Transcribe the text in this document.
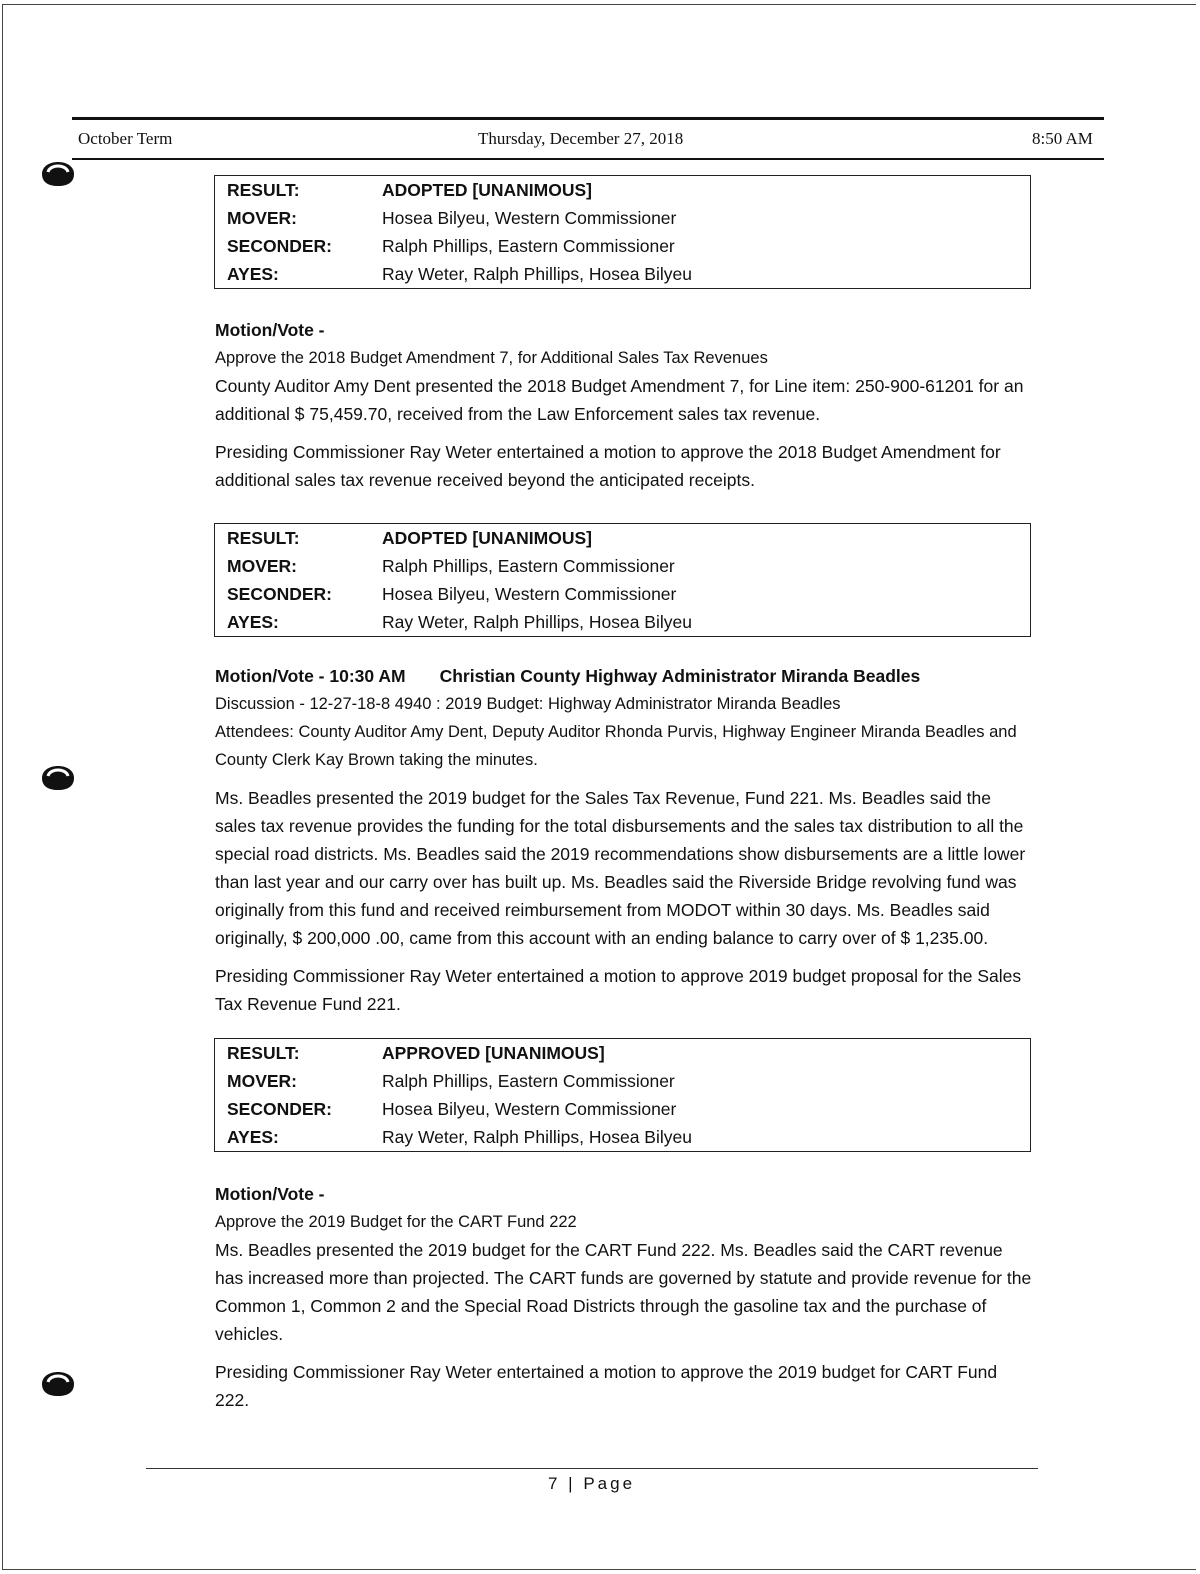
October Term	Thursday, December 27, 2018	8:50 AM
RESULT:	ADOPTED [UNANIMOUS]
MOVER:	Hosea Bilyeu, Western Commissioner
SECONDER:	Ralph Phillips, Eastern Commissioner
AYES:	Ray Weter, Ralph Phillips, Hosea Bilyeu

Motion/Vote -

Approve the 2018 Budget Amendment 7, for Additional Sales Tax Revenues

County Auditor Amy Dent presented the 2018 Budget Amendment 7, for Line item: 250-900-61201 for an additional $ 75,459.70, received from the Law Enforcement sales tax revenue.

Presiding Commissioner Ray Weter entertained a motion to approve the 2018 Budget Amendment for additional sales tax revenue received beyond the anticipated receipts.

RESULT:	ADOPTED [UNANIMOUS]
MOVER:	Ralph Phillips, Eastern Commissioner
SECONDER:	Hosea Bilyeu, Western Commissioner
AYES:	Ray Weter, Ralph Phillips, Hosea Bilyeu

Motion/Vote - 10:30 AM Christian County Highway Administrator Miranda Beadles

Discussion - 12-27-18-8 4940 : 2019 Budget: Highway Administrator Miranda Beadles

Attendees: County Auditor Amy Dent, Deputy Auditor Rhonda Purvis, Highway Engineer Miranda Beadles and County Clerk Kay Brown taking the minutes.

Ms. Beadles presented the 2019 budget for the Sales Tax Revenue, Fund 221. Ms. Beadles said the sales tax revenue provides the funding for the total disbursements and the sales tax distribution to all the special road districts. Ms. Beadles said the 2019 recommendations show disbursements are a little lower than last year and our carry over has built up. Ms. Beadles said the Riverside Bridge revolving fund was originally from this fund and received reimbursement from MODOT within 30 days. Ms. Beadles said originally, $ 200,000 .00, came from this account with an ending balance to carry over of $ 1,235.00.

Presiding Commissioner Ray Weter entertained a motion to approve 2019 budget proposal for the Sales Tax Revenue Fund 221.

RESULT:	APPROVED [UNANIMOUS]
MOVER:	Ralph Phillips, Eastern Commissioner
SECONDER:	Hosea Bilyeu, Western Commissioner
AYES:	Ray Weter, Ralph Phillips, Hosea Bilyeu

Motion/Vote -

Approve the 2019 Budget for the CART Fund 222

Ms. Beadles presented the 2019 budget for the CART Fund 222. Ms. Beadles said the CART revenue has increased more than projected. The CART funds are governed by statute and provide revenue for the Common 1, Common 2 and the Special Road Districts through the gasoline tax and the purchase of vehicles.

Presiding Commissioner Ray Weter entertained a motion to approve the 2019 budget for CART Fund 222.

7 | Page
